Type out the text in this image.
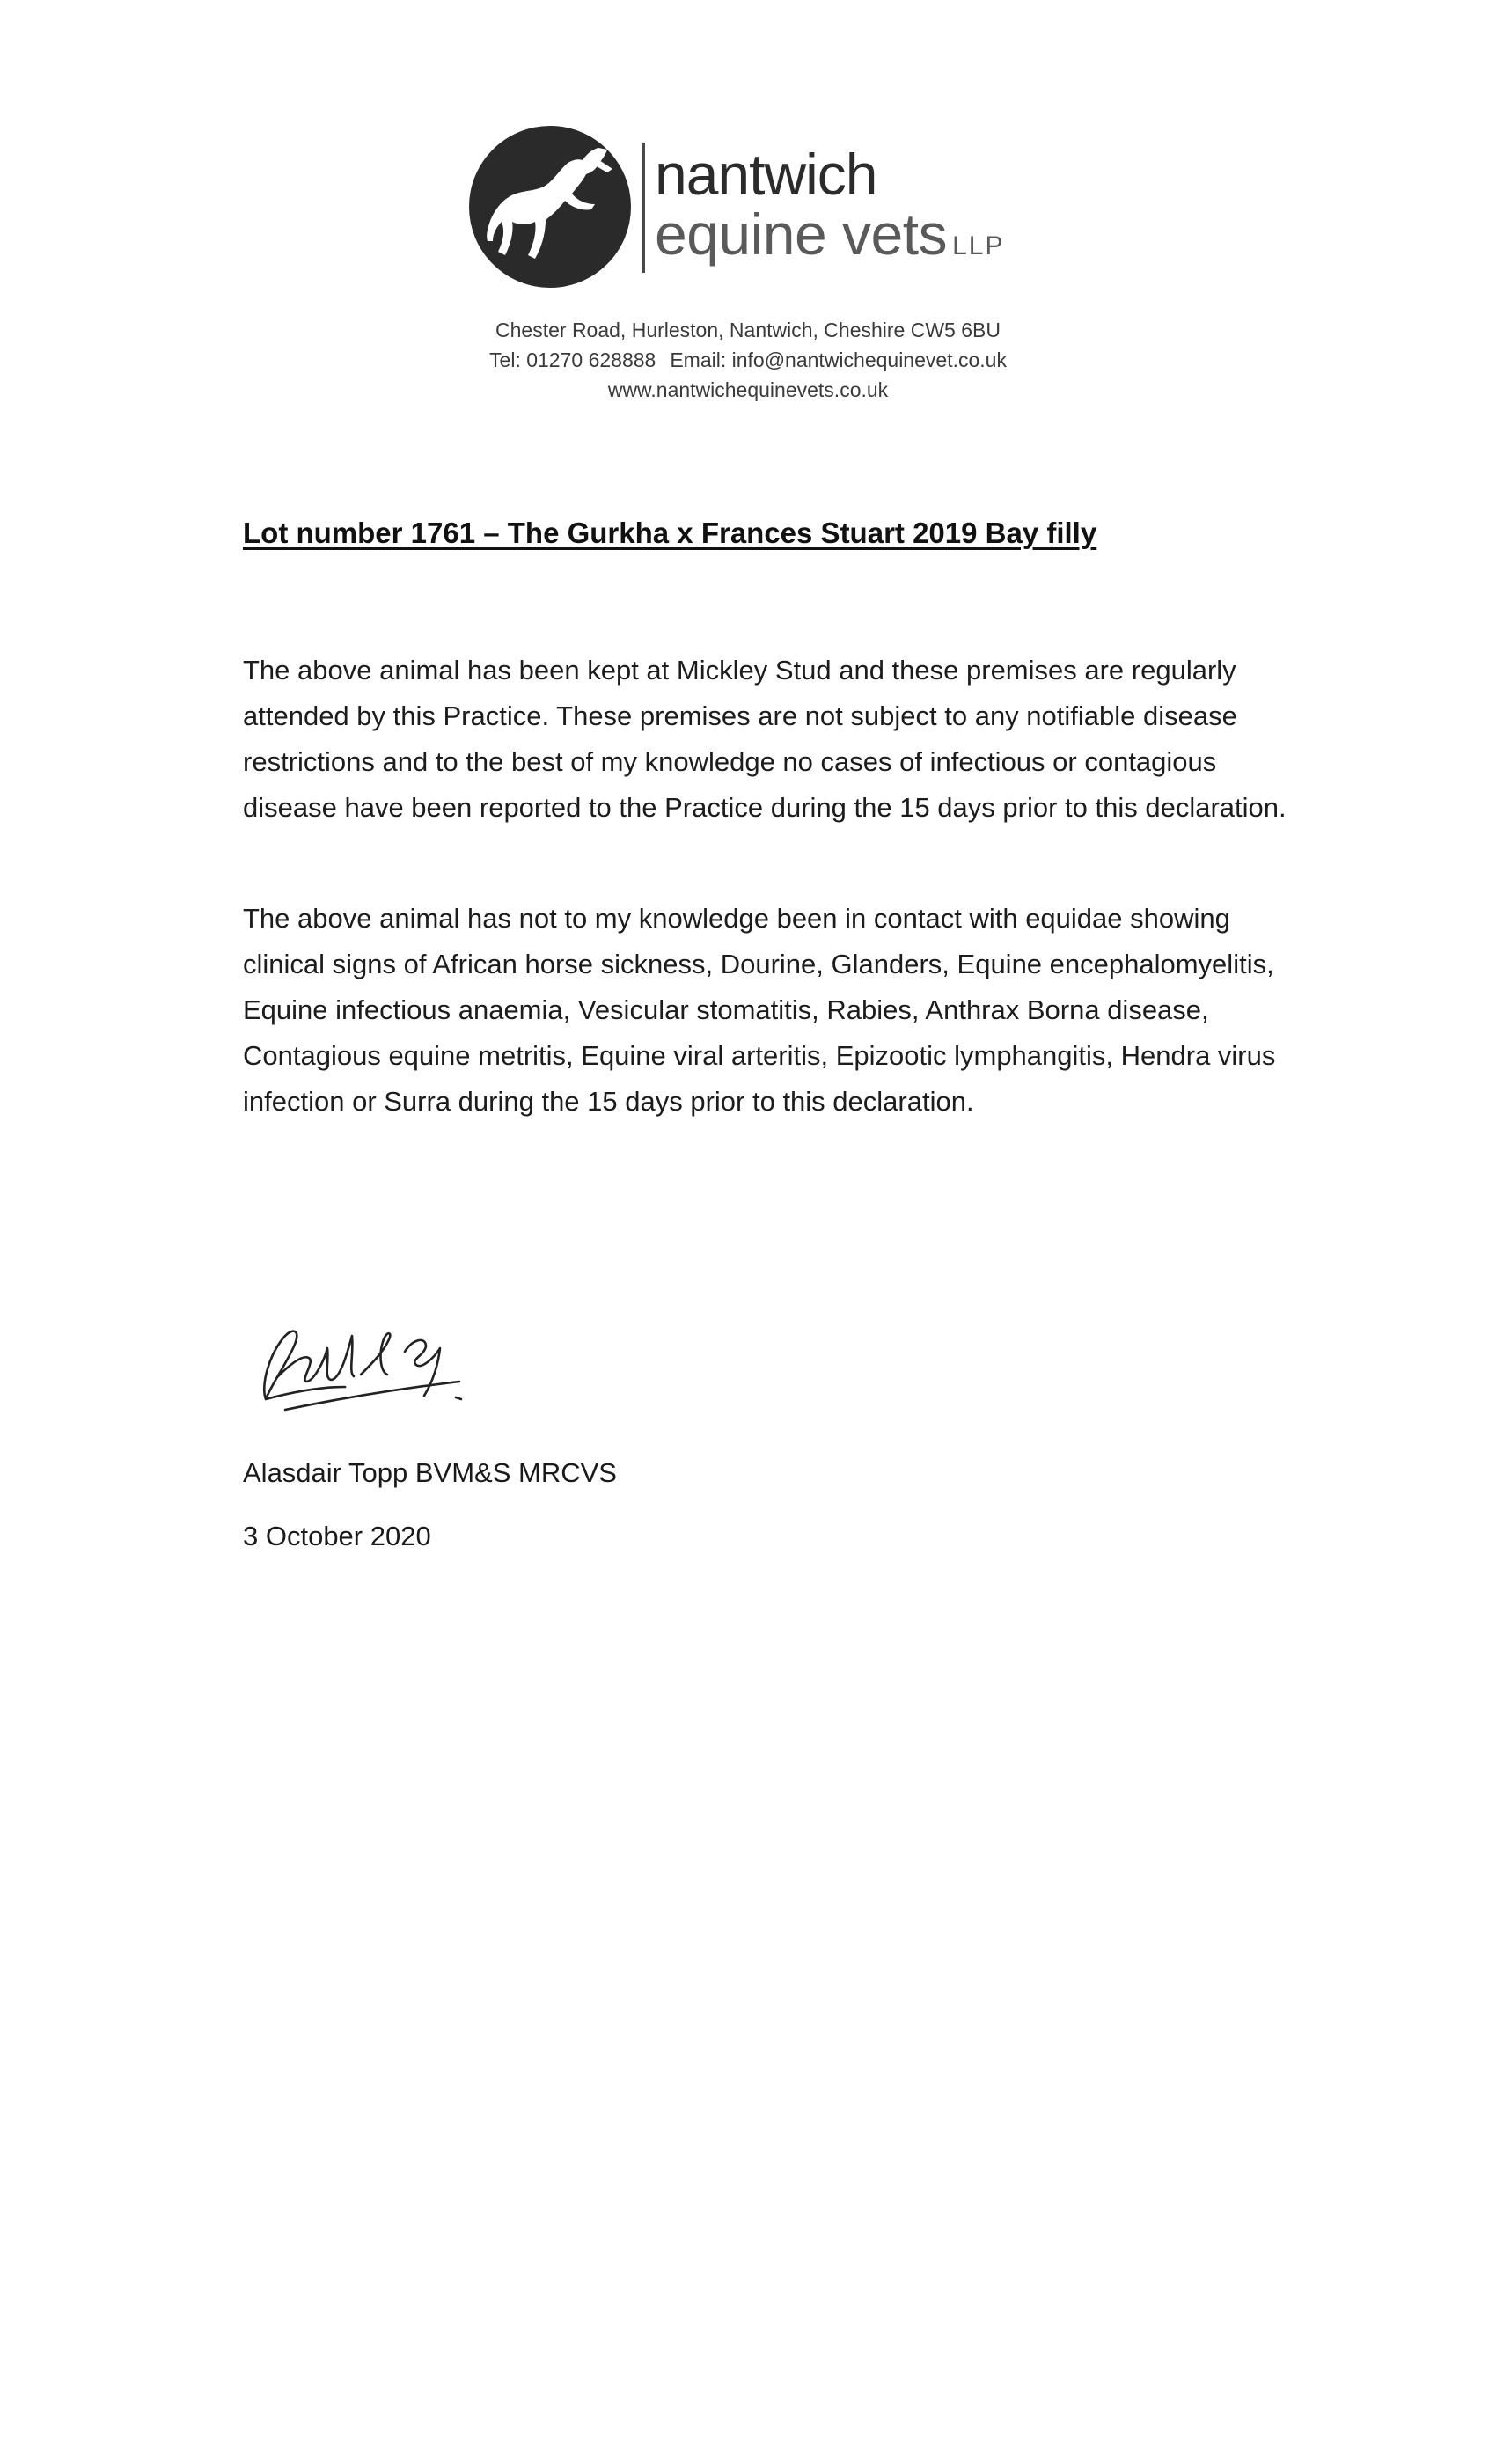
nantwich
equine vets LLP
Chester Road, Hurleston, Nantwich, Cheshire CW5 6BU
Tel: 01270 628888 Email: info@nantwichequinevet.co.uk
www.nantwichequinevets.co.uk
Lot number 1761 – The Gurkha x Frances Stuart 2019 Bay filly

The above animal has been kept at Mickley Stud and these premises are regularly attended by this Practice. These premises are not subject to any notifiable disease restrictions and to the best of my knowledge no cases of infectious or contagious disease have been reported to the Practice during the 15 days prior to this declaration.

The above animal has not to my knowledge been in contact with equidae showing clinical signs of African horse sickness, Dourine, Glanders, Equine encephalomyelitis, Equine infectious anaemia, Vesicular stomatitis, Rabies, Anthrax Borna disease, Contagious equine metritis, Equine viral arteritis, Epizootic lymphangitis, Hendra virus infection or Surra during the 15 days prior to this declaration.

Alasdair Topp BVM&S MRCVS
3 October 2020
